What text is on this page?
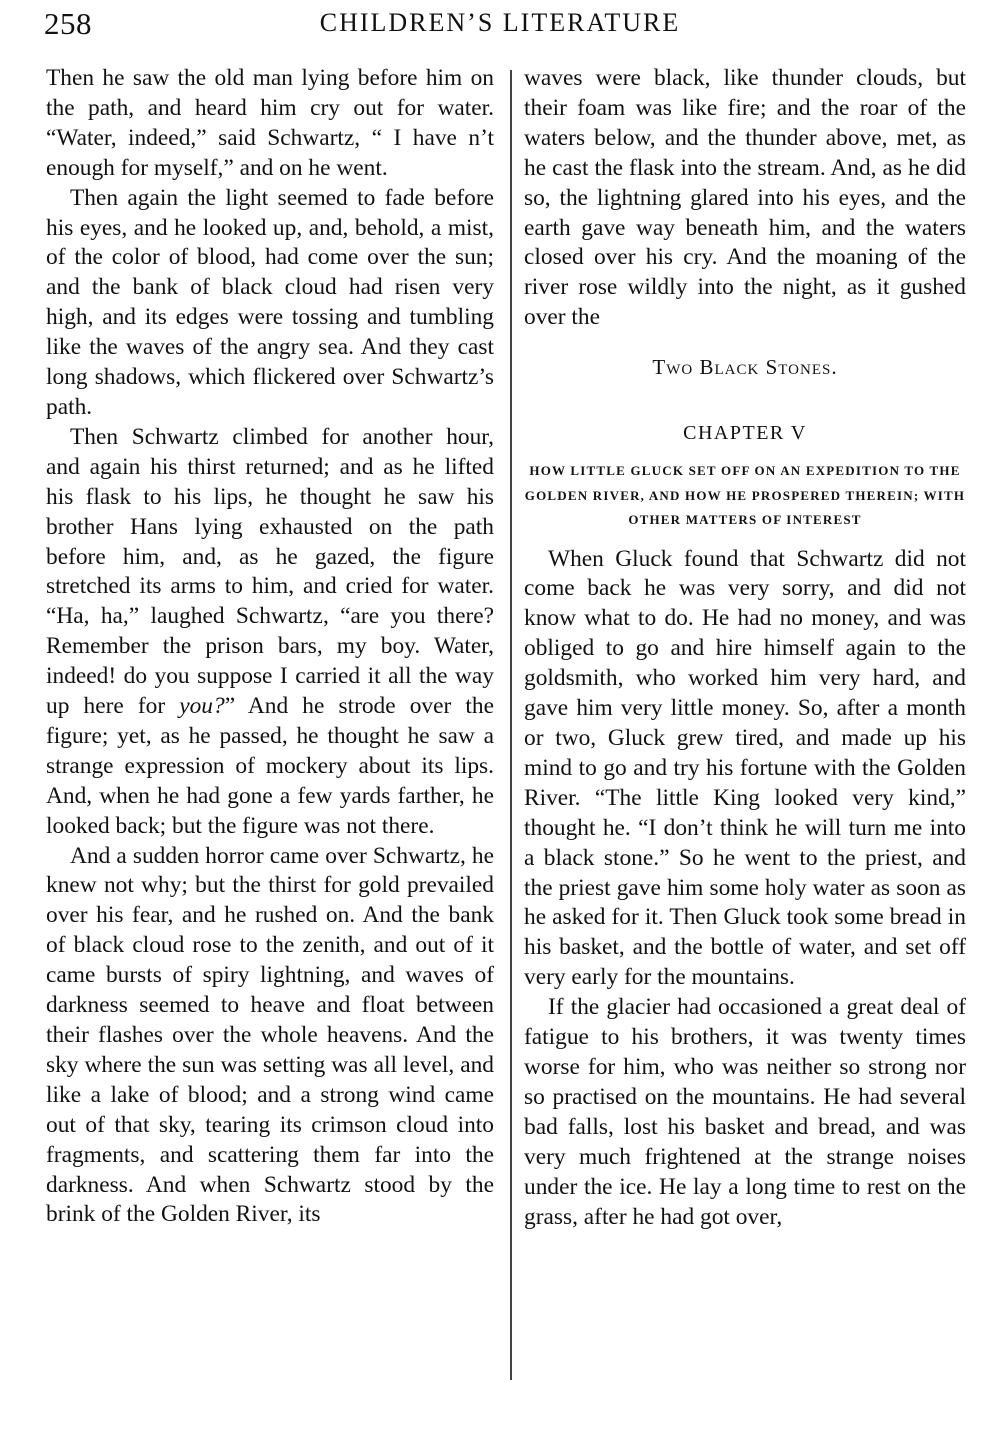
258	CHILDREN’S LITERATURE

Then he saw the old man lying before him on the path, and heard him cry out for water. “Water, indeed,” said Schwartz, “ I have n’t enough for myself,” and on he went.

Then again the light seemed to fade before his eyes, and he looked up, and, behold, a mist, of the color of blood, had come over the sun; and the bank of black cloud had risen very high, and its edges were tossing and tumbling like the waves of the angry sea. And they cast long shadows, which flickered over Schwartz’s path.

Then Schwartz climbed for another hour, and again his thirst returned; and as he lifted his flask to his lips, he thought he saw his brother Hans lying exhausted on the path before him, and, as he gazed, the figure stretched its arms to him, and cried for water. “Ha, ha,” laughed Schwartz, “are you there? Remember the prison bars, my boy. Water, indeed! do you suppose I carried it all the way up here for you?” And he strode over the figure; yet, as he passed, he thought he saw a strange expression of mockery about its lips. And, when he had gone a few yards farther, he looked back; but the figure was not there.

And a sudden horror came over Schwartz, he knew not why; but the thirst for gold prevailed over his fear, and he rushed on. And the bank of black cloud rose to the zenith, and out of it came bursts of spiry lightning, and waves of darkness seemed to heave and float between their flashes over the whole heavens. And the sky where the sun was setting was all level, and like a lake of blood; and a strong wind came out of that sky, tearing its crimson cloud into fragments, and scattering them far into the darkness. And when Schwartz stood by the brink of the Golden River, its

waves were black, like thunder clouds, but their foam was like fire; and the roar of the waters below, and the thunder above, met, as he cast the flask into the stream. And, as he did so, the lightning glared into his eyes, and the earth gave way beneath him, and the waters closed over his cry. And the moaning of the river rose wildly into the night, as it gushed over the

Two Black Stones.

CHAPTER V
HOW LITTLE GLUCK SET OFF ON AN EXPEDITION TO THE GOLDEN RIVER, AND HOW HE PROSPERED THEREIN; WITH OTHER MATTERS OF INTEREST

When Gluck found that Schwartz did not come back he was very sorry, and did not know what to do. He had no money, and was obliged to go and hire himself again to the goldsmith, who worked him very hard, and gave him very little money. So, after a month or two, Gluck grew tired, and made up his mind to go and try his fortune with the Golden River. “The little King looked very kind,” thought he. “I don’t think he will turn me into a black stone.” So he went to the priest, and the priest gave him some holy water as soon as he asked for it. Then Gluck took some bread in his basket, and the bottle of water, and set off very early for the mountains.

If the glacier had occasioned a great deal of fatigue to his brothers, it was twenty times worse for him, who was neither so strong nor so practised on the mountains. He had several bad falls, lost his basket and bread, and was very much frightened at the strange noises under the ice. He lay a long time to rest on the grass, after he had got over,
